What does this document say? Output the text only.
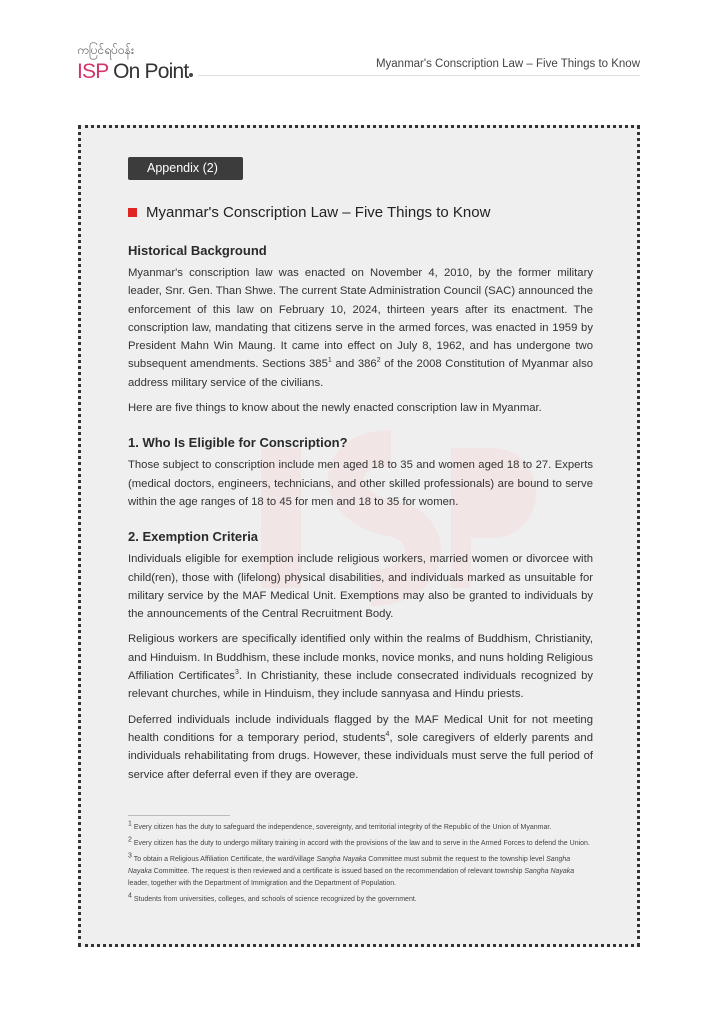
ကပြင်ရပ်ဝန်း
ISP On Point	Myanmar's Conscription Law – Five Things to Know
Appendix (2)
Myanmar's Conscription Law – Five Things to Know
Historical Background

Myanmar's conscription law was enacted on November 4, 2010, by the former military leader, Snr. Gen. Than Shwe. The current State Administration Council (SAC) announced the enforcement of this law on February 10, 2024, thirteen years after its enactment. The conscription law, mandating that citizens serve in the armed forces, was enacted in 1959 by President Mahn Win Maung. It came into effect on July 8, 1962, and has undergone two subsequent amendments. Sections $385^1$ and $386^2$ of the 2008 Constitution of Myanmar also address military service of the civilians.

Here are five things to know about the newly enacted conscription law in Myanmar.

1. Who Is Eligible for Conscription?

Those subject to conscription include men aged 18 to 35 and women aged 18 to 27. Experts (medical doctors, engineers, technicians, and other skilled professionals) are bound to serve within the age ranges of 18 to 45 for men and 18 to 35 for women.

2. Exemption Criteria

Individuals eligible for exemption include religious workers, married women or divorcee with child(ren), those with (lifelong) physical disabilities, and individuals marked as unsuitable for military service by the MAF Medical Unit. Exemptions may also be granted to individuals by the announcements of the Central Recruitment Body.

Religious workers are specifically identified only within the realms of Buddhism, Christianity, and Hinduism. In Buddhism, these include monks, novice monks, and nuns holding Religious Affiliation Certificates$^3$. In Christianity, these include consecrated individuals recognized by relevant churches, while in Hinduism, they include sannyasa and Hindu priests.

Deferred individuals include individuals flagged by the MAF Medical Unit for not meeting health conditions for a temporary period, students$^4$, sole caregivers of elderly parents and individuals rehabilitating from drugs. However, these individuals must serve the full period of service after deferral even if they are overage.

$^1$ Every citizen has the duty to safeguard the independence, sovereignty, and territorial integrity of the Republic of the Union of Myanmar.
$^2$ Every citizen has the duty to undergo military training in accord with the provisions of the law and to serve in the Armed Forces to defend the Union.
$^3$ To obtain a Religious Affiliation Certificate, the ward/village Sangha Nayaka Committee must submit the request to the township level Sangha Nayaka Committee. The request is then reviewed and a certificate is issued based on the recommendation of relevant township Sangha Nayaka leader, together with the Department of Immigration and the Department of Population.
$^4$ Students from universities, colleges, and schools of science recognized by the government.
